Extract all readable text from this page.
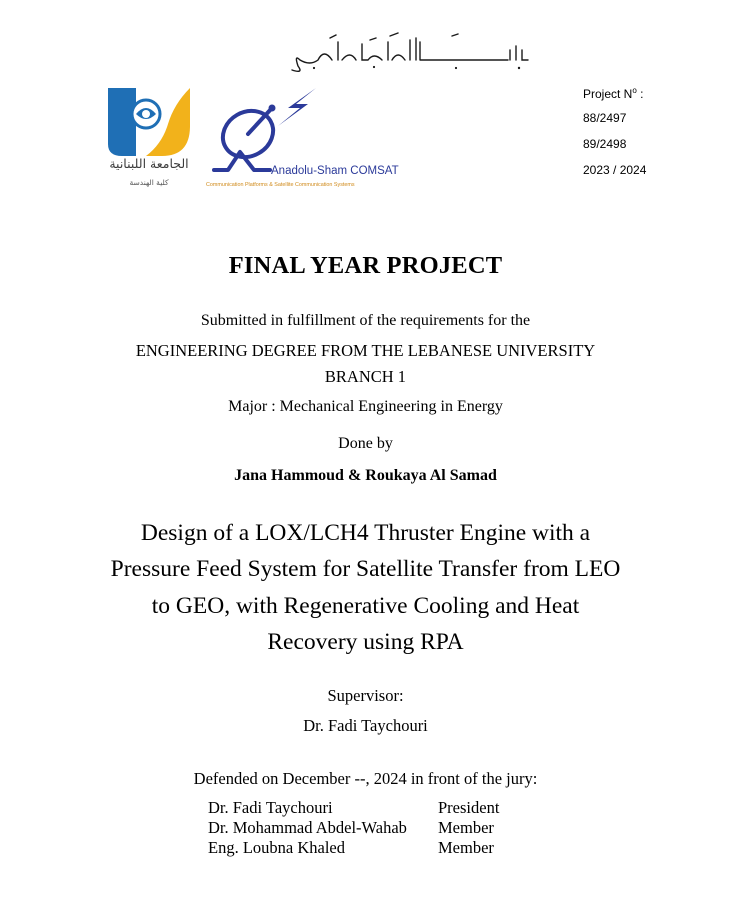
الجامعة اللبنانية
كلية الهندسة
Anadolu-Sham COMSAT
Communication Platforms & Satellite Communication Systems
Project $N^o$ :
88/2497
89/2498
2023 / 2024
FINAL YEAR PROJECT
Submitted in fulfillment of the requirements for the
ENGINEERING DEGREE FROM THE LEBANESE UNIVERSITY
BRANCH 1
Major : Mechanical Engineering in Energy
Done by
Jana Hammoud & Roukaya Al Samad
Design of a LOX/LCH4 Thruster Engine with a
Pressure Feed System for Satellite Transfer from LEO
to GEO, with Regenerative Cooling and Heat
Recovery using RPA
Supervisor:
Dr. Fadi Taychouri
Defended on December --, 2024 in front of the jury:
Dr. Fadi Taychouri	President
Dr. Mohammad Abdel-Wahab	Member
Eng. Loubna Khaled	Member
